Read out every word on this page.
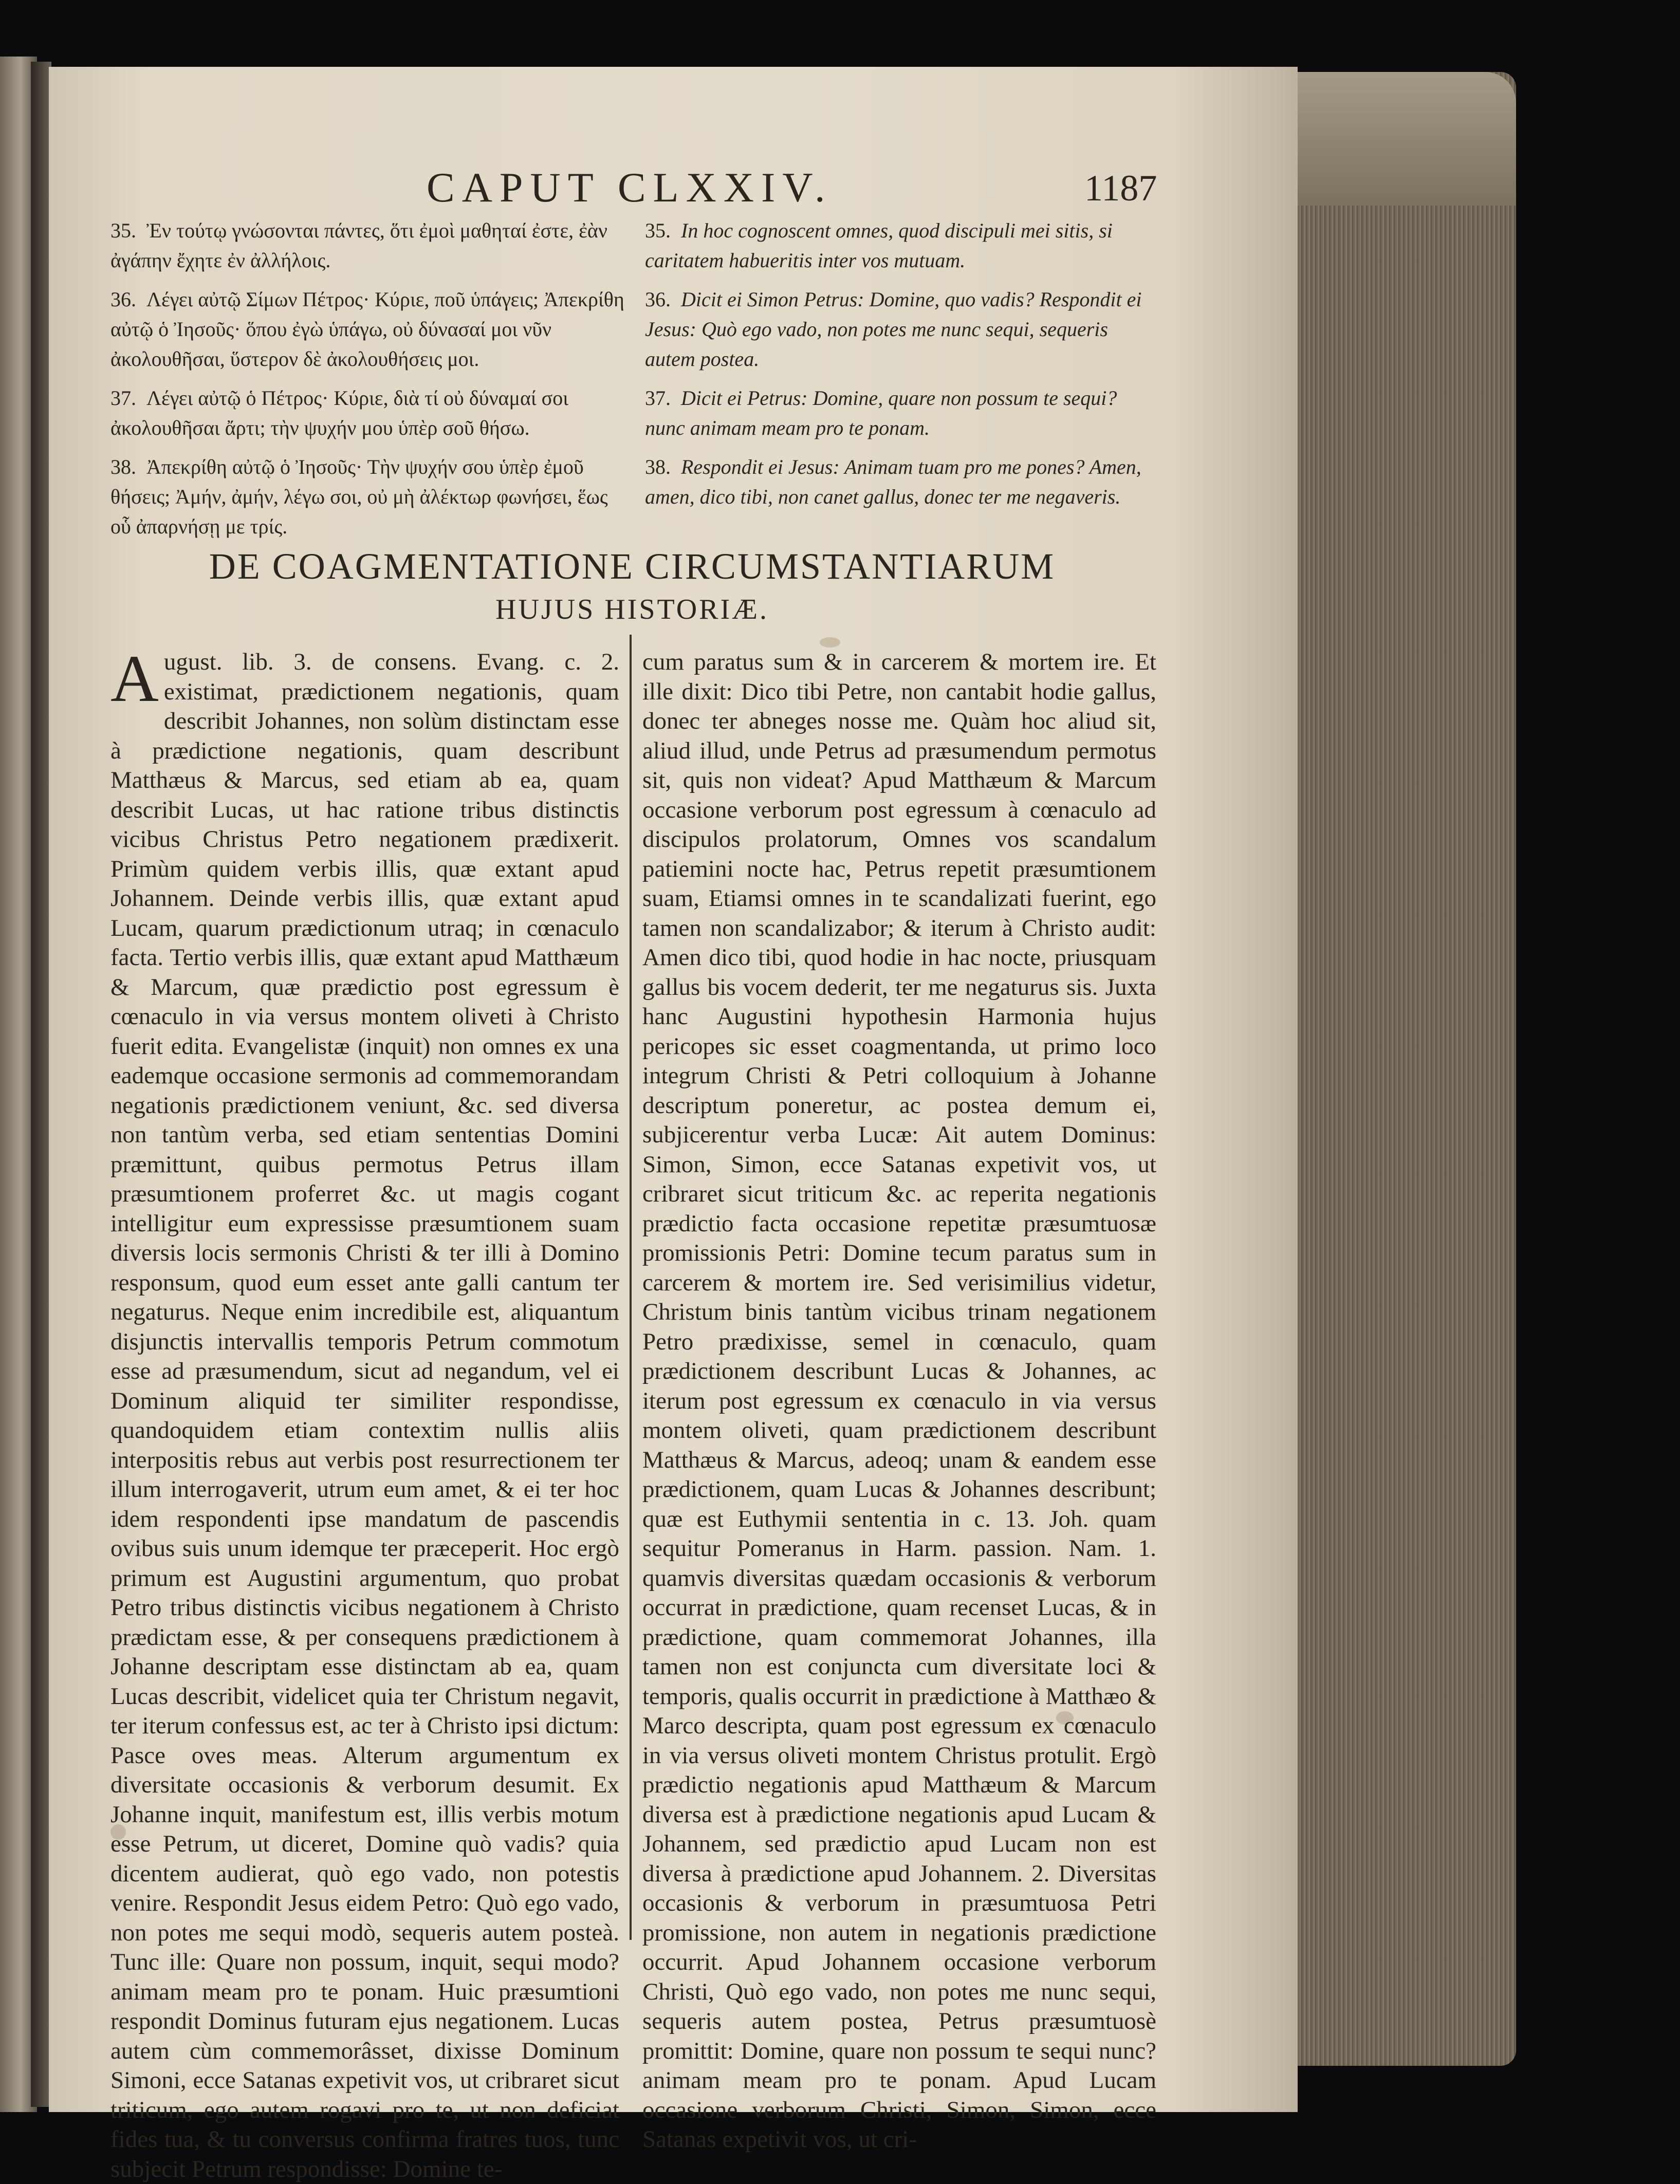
CAPUT CLXXIV.	1187
35. Ἐν τούτῳ γνώσονται πάντες, ὅτι ἐμοὶ μαθηταί ἐστε, ἐὰν ἀγάπην ἔχητε ἐν ἀλλήλοις.
36. Λέγει αὐτῷ Σίμων Πέτρος· Κύριε, ποῦ ὑπάγεις; Ἀπεκρίθη αὐτῷ ὁ Ἰησοῦς· ὅπου ἐγὼ ὑπάγω, οὐ δύνασαί μοι νῦν ἀκολουθῆσαι, ὕστερον δὲ ἀκολουθήσεις μοι.
37. Λέγει αὐτῷ ὁ Πέτρος· Κύριε, διὰ τί οὐ δύναμαί σοι ἀκολουθῆσαι ἄρτι; τὴν ψυχήν μου ὑπὲρ σοῦ θήσω.
38. Ἀπεκρίθη αὐτῷ ὁ Ἰησοῦς· Τὴν ψυχήν σου ὑπὲρ ἐμοῦ θήσεις; Ἀμήν, ἀμήν, λέγω σοι, οὐ μὴ ἀλέκτωρ φωνήσει, ἕως οὗ ἀπαρνήσῃ με τρίς.
35. In hoc cognoscent omnes, quod discipuli mei sitis, si caritatem habueritis inter vos mutuam.
36. Dicit ei Simon Petrus: Domine, quo vadis? Respondit ei Jesus: Quò ego vado, non potes me nunc sequi, sequeris autem postea.
37. Dicit ei Petrus: Domine, quare non possum te sequi? nunc animam meam pro te ponam.
38. Respondit ei Jesus: Animam tuam pro me pones? Amen, amen, dico tibi, non canet gallus, donec ter me negaveris.
DE COAGMENTATIONE CIRCUMSTANTIARUM
HUJUS HISTORIÆ.
August. lib. 3. de consens. Evang. c. 2. existimat, prædictionem negationis, quam describit Johannes, non solùm distinctam esse à prædictione negationis, quam describunt Matthæus & Marcus, sed etiam ab ea, quam describit Lucas, ut hac ratione tribus distinctis vicibus Christus Petro negationem prædixerit. Primùm quidem verbis illis, quæ extant apud Johannem. Deinde verbis illis, quæ extant apud Lucam, quarum prædictionum utraq; in cœnaculo facta. Tertio verbis illis, quæ extant apud Matthæum & Marcum, quæ prædictio post egressum è cœnaculo in via versus montem oliveti à Christo fuerit edita. Evangelistæ (inquit) non omnes ex una eademque occasione sermonis ad commemorandam negationis prædictionem veniunt, &c. sed diversa non tantùm verba, sed etiam sententias Domini præmittunt, quibus permotus Petrus illam præsumtionem proferret &c. ut magis cogant intelligitur eum expressisse præsumtionem suam diversis locis sermonis Christi & ter illi à Domino responsum, quod eum esset ante galli cantum ter negaturus. Neque enim incredibile est, aliquantum disjunctis intervallis temporis Petrum commotum esse ad præsumendum, sicut ad negandum, vel ei Dominum aliquid ter similiter respondisse, quandoquidem etiam contextim nullis aliis interpositis rebus aut verbis post resurrectionem ter illum interrogaverit, utrum eum amet, & ei ter hoc idem respondenti ipse mandatum de pascendis ovibus suis unum idemque ter præceperit. Hoc ergò primum est Augustini argumentum, quo probat Petro tribus distinctis vicibus negationem à Christo prædictam esse, & per consequens prædictionem à Johanne descriptam esse distinctam ab ea, quam Lucas describit, videlicet quia ter Christum negavit, ter iterum confessus est, ac ter à Christo ipsi dictum: Pasce oves meas. Alterum argumentum ex diversitate occasionis & verborum desumit. Ex Johanne inquit, manifestum est, illis verbis motum esse Petrum, ut diceret, Domine quò vadis? quia dicentem audierat, quò ego vado, non potestis venire. Respondit Jesus eidem Petro: Quò ego vado, non potes me sequi modò, sequeris autem posteà. Tunc ille: Quare non possum, inquit, sequi modo? animam meam pro te ponam. Huic præsumtioni respondit Dominus futuram ejus negationem. Lucas autem cùm commemorâsset, dixisse Dominum Simoni, ecce Satanas expetivit vos, ut cribraret sicut triticum, ego autem rogavi pro te, ut non deficiat fides tua, & tu conversus confirma fratres tuos, tunc subjecit Petrum respondisse: Domine te-
cum paratus sum & in carcerem & mortem ire. Et ille dixit: Dico tibi Petre, non cantabit hodie gallus, donec ter abneges nosse me. Quàm hoc aliud sit, aliud illud, unde Petrus ad præsumendum permotus sit, quis non videat? Apud Matthæum & Marcum occasione verborum post egressum à cœnaculo ad discipulos prolatorum, Omnes vos scandalum patiemini nocte hac, Petrus repetit præsumtionem suam, Etiamsi omnes in te scandalizati fuerint, ego tamen non scandalizabor; & iterum à Christo audit: Amen dico tibi, quod hodie in hac nocte, priusquam gallus bis vocem dederit, ter me negaturus sis. Juxta hanc Augustini hypothesin Harmonia hujus pericopes sic esset coagmentanda, ut primo loco integrum Christi & Petri colloquium à Johanne descriptum poneretur, ac postea demum ei, subjicerentur verba Lucæ: Ait autem Dominus: Simon, Simon, ecce Satanas expetivit vos, ut cribraret sicut triticum &c. ac reperita negationis prædictio facta occasione repetitæ præsumtuosæ promissionis Petri: Domine tecum paratus sum in carcerem & mortem ire. Sed verisimilius videtur, Christum binis tantùm vicibus trinam negationem Petro prædixisse, semel in cœnaculo, quam prædictionem describunt Lucas & Johannes, ac iterum post egressum ex cœnaculo in via versus montem oliveti, quam prædictionem describunt Matthæus & Marcus, adeoq; unam & eandem esse prædictionem, quam Lucas & Johannes describunt; quæ est Euthymii sententia in c. 13. Joh. quam sequitur Pomeranus in Harm. passion. Nam. 1. quamvis diversitas quædam occasionis & verborum occurrat in prædictione, quam recenset Lucas, & in prædictione, quam commemorat Johannes, illa tamen non est conjuncta cum diversitate loci & temporis, qualis occurrit in prædictione à Matthæo & Marco descripta, quam post egressum ex cœnaculo in via versus oliveti montem Christus protulit. Ergò prædictio negationis apud Matthæum & Marcum diversa est à prædictione negationis apud Lucam & Johannem, sed prædictio apud Lucam non est diversa à prædictione apud Johannem. 2. Diversitas occasionis & verborum in præsumtuosa Petri promissione, non autem in negationis prædictione occurrit. Apud Johannem occasione verborum Christi, Quò ego vado, non potes me nunc sequi, sequeris autem postea, Petrus præsumtuosè promittit: Domine, quare non possum te sequi nunc? animam meam pro te ponam. Apud Lucam occasione verborum Christi, Simon, Simon, ecce Satanas expetivit vos, ut cri-
